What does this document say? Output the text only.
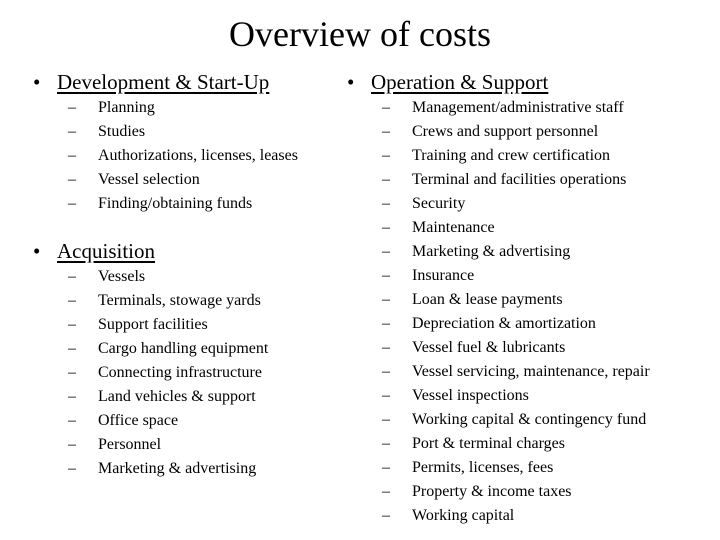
Overview of costs
• Development & Start-Up
– Planning
– Studies
– Authorizations, licenses, leases
– Vessel selection
– Finding/obtaining funds
• Acquisition
– Vessels
– Terminals, stowage yards
– Support facilities
– Cargo handling equipment
– Connecting infrastructure
– Land vehicles & support
– Office space
– Personnel
– Marketing & advertising
• Operation & Support
– Management/administrative staff
– Crews and support personnel
– Training and crew certification
– Terminal and facilities operations
– Security
– Maintenance
– Marketing & advertising
– Insurance
– Loan & lease payments
– Depreciation & amortization
– Vessel fuel & lubricants
– Vessel servicing, maintenance, repair
– Vessel inspections
– Working capital & contingency fund
– Port & terminal charges
– Permits, licenses, fees
– Property & income taxes
– Working capital
